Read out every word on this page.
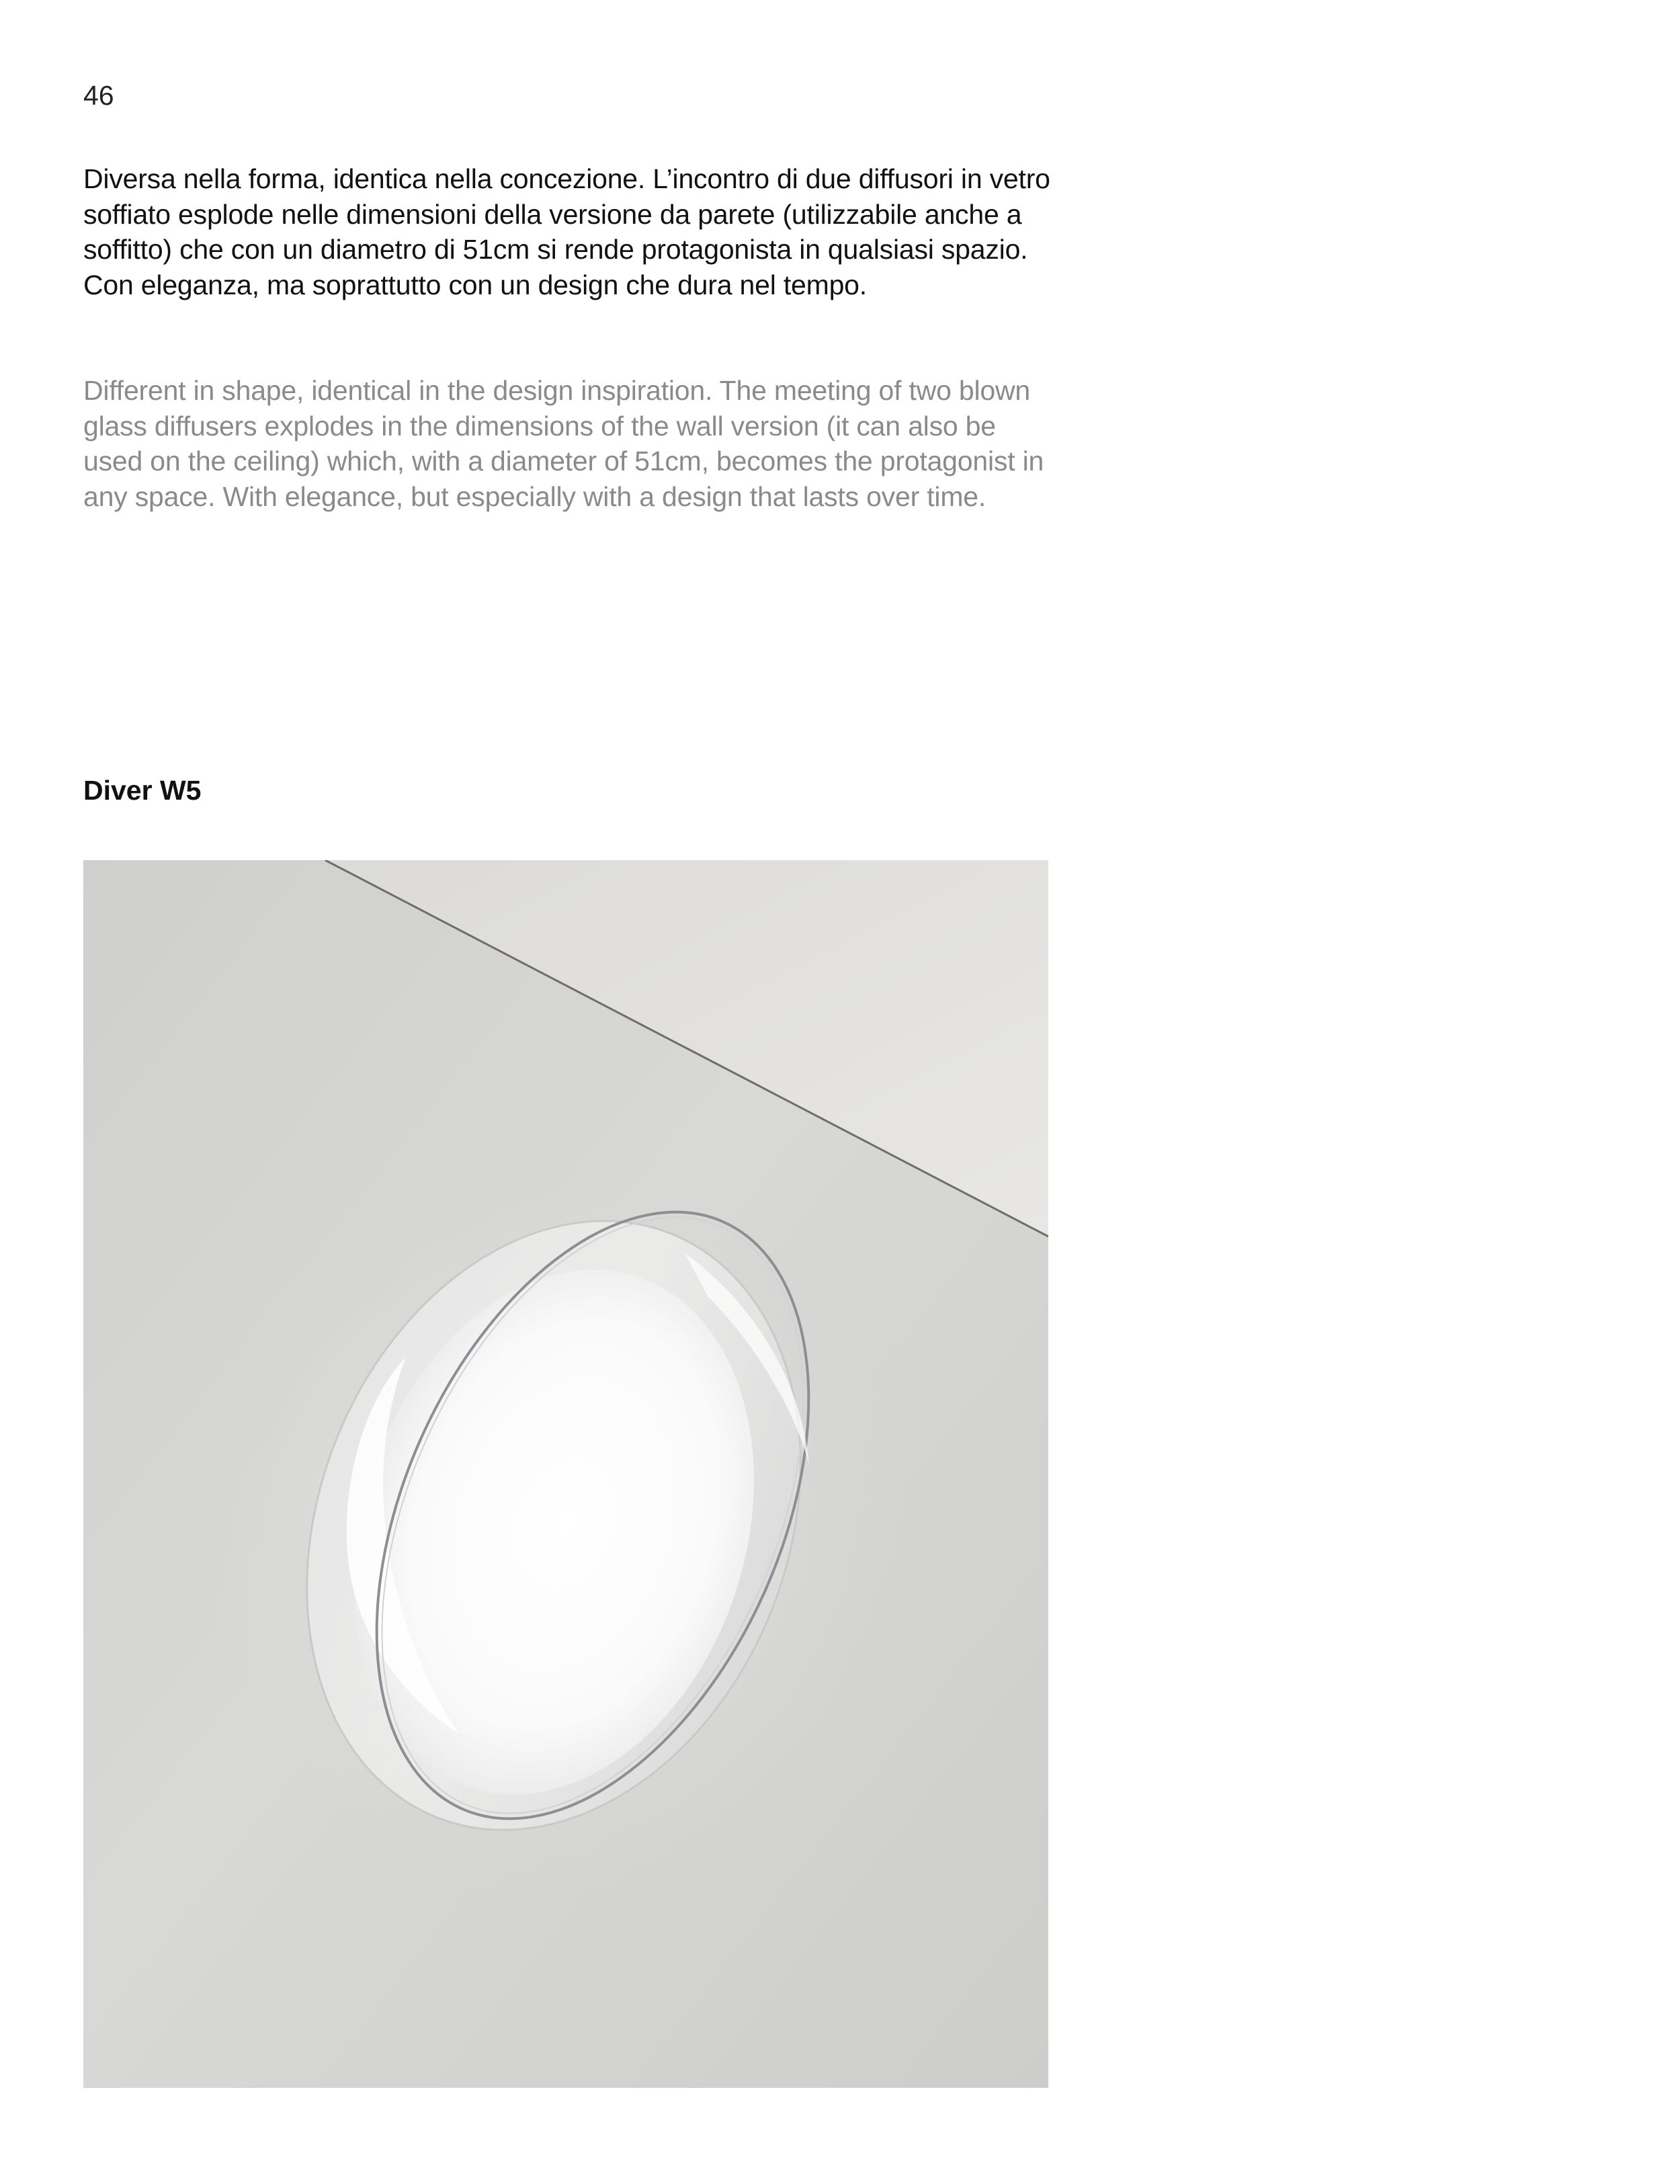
46

Diversa nella forma, identica nella concezione. L’incontro di due diffusori in vetro soffiato esplode nelle dimensioni della versione da parete (utilizzabile anche a soffitto) che con un diametro di 51cm si rende protagonista in qualsiasi spazio. Con eleganza, ma soprattutto con un design che dura nel tempo.

Different in shape, identical in the design inspiration. The meeting of two blown glass diffusers explodes in the dimensions of the wall version (it can also be used on the ceiling) which, with a diameter of 51cm, becomes the protagonist in any space. With elegance, but especially with a design that lasts over time.

Diver W5
